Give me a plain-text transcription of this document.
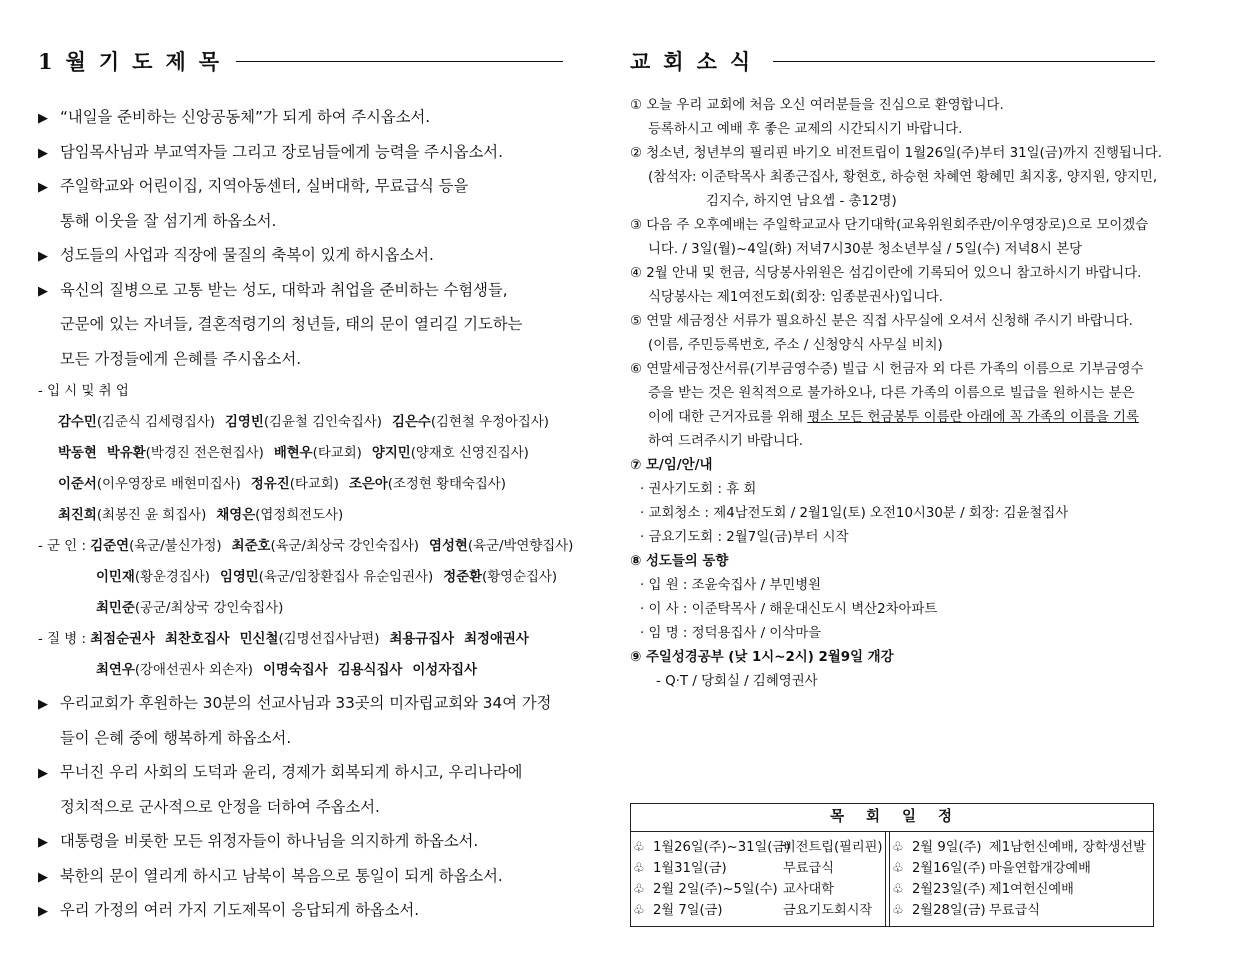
1월기도제목
▶ “내일을 준비하는 신앙공동체”가 되게 하여 주시옵소서.
▶ 담임목사님과 부교역자들 그리고 장로님들에게 능력을 주시옵소서.
▶ 주일학교와 어린이집, 지역아동센터, 실버대학, 무료급식 등을
통해 이웃을 잘 섬기게 하옵소서.
▶ 성도들의 사업과 직장에 물질의 축복이 있게 하시옵소서.
▶ 육신의 질병으로 고통 받는 성도, 대학과 취업을 준비하는 수험생들,
군문에 있는 자녀들, 결혼적령기의 청년들, 태의 문이 열리길 기도하는
모든 가정들에게 은혜를 주시옵소서.
- 입 시 및 취 업
감수민(김준식 김세령집사) 김영빈(김윤철 김인숙집사) 김은수(김현철 우정아집사)
박동현 박유환(박경진 전은현집사) 배현우(타교회) 양지민(양재호 신영진집사)
이준서(이우영장로 배현미집사) 정유진(타교회) 조은아(조정현 황태숙집사)
최진희(최봉진 윤 희집사) 채영은(엽정희전도사)
- 군 인 : 김준연(육군/불신가정) 최준호(육군/최상국 강인숙집사) 염성현(육군/박연향집사)
이민재(황운경집사) 임영민(육군/임창환집사 유순임권사) 정준환(황영순집사)
최민준(공군/최상국 강인숙집사)
- 질 병 : 최점순권사 최찬호집사 민신철(김명선집사남편) 최용규집사 최정애권사
최연우(강애선권사 외손자) 이명숙집사 김용식집사 이성자집사
▶ 우리교회가 후원하는 30분의 선교사님과 33곳의 미자립교회와 34여 가정
들이 은혜 중에 행복하게 하옵소서.
▶ 무너진 우리 사회의 도덕과 윤리, 경제가 회복되게 하시고, 우리나라에
정치적으로 군사적으로 안정을 더하여 주옵소서.
▶ 대통령을 비롯한 모든 위정자들이 하나님을 의지하게 하옵소서.
▶ 북한의 문이 열리게 하시고 남북이 복음으로 통일이 되게 하옵소서.
▶ 우리 가정의 여러 가지 기도제목이 응답되게 하옵소서.
교회소식
① 오늘 우리 교회에 처음 오신 여러분들을 진심으로 환영합니다.
등록하시고 예배 후 좋은 교제의 시간되시기 바랍니다.
② 청소년, 청년부의 필리핀 바기오 비전트립이 1월26일(주)부터 31일(금)까지 진행됩니다.
(참석자: 이준탁목사 최종근집사, 황현호, 하승현 차혜연 황혜민 최지홍, 양지원, 양지민,
김지수, 하지연 남요셉 - 총12명)
③ 다음 주 오후예배는 주일학교교사 단기대학(교육위원회주관/이우영장로)으로 모이겠습
니다. / 3일(월)~4일(화) 저녁7시30분 청소년부실 / 5일(수) 저녁8시 본당
④ 2월 안내 및 헌금, 식당봉사위원은 섬김이란에 기록되어 있으니 참고하시기 바랍니다.
식당봉사는 제1여전도회(회장: 임종분권사)입니다.
⑤ 연말 세금정산 서류가 필요하신 분은 직접 사무실에 오셔서 신청해 주시기 바랍니다.
(이름, 주민등록번호, 주소 / 신청양식 사무실 비치)
⑥ 연말세금정산서류(기부금영수증) 빌급 시 헌금자 외 다른 가족의 이름으로 기부금영수
증을 받는 것은 원칙적으로 불가하오나, 다른 가족의 이름으로 빌급을 원하시는 분은
이에 대한 근거자료를 위해 평소 모든 헌금봉투 이름란 아래에 꼭 가족의 이름을 기록
하여 드려주시기 바랍니다.
⑦ 모/임/안/내
· 권사기도회 : 휴 회
· 교회청소 : 제4남전도회 / 2월1일(토) 오전10시30분 / 회장: 김윤철집사
· 금요기도회 : 2월7일(금)부터 시작
⑧ 성도들의 동향
· 입 원 : 조윤숙집사 / 부민병원
· 이 사 : 이준탁목사 / 해운대신도시 벽산2차아파트
· 임 명 : 정덕용집사 / 이삭마을
⑨ 주일성경공부 (낮 1시~2시) 2월9일 개강
- Q·T / 당회실 / 김혜영권사
목회일정
♧ 1월26일(주)~31일(금)
비전트립(필리핀)
♧ 1월31일(금)	무료급식
♧ 2월 2일(주)~5일(수) 교사대학
♧ 2월 7일(금)	금요기도회시작
♧ 2월 9일(주) 제1남헌신예배, 장학생선발
♧ 2월16일(주) 마을연합개강예배
♧ 2월23일(주) 제1여헌신예배
♧ 2월28일(금) 무료급식
